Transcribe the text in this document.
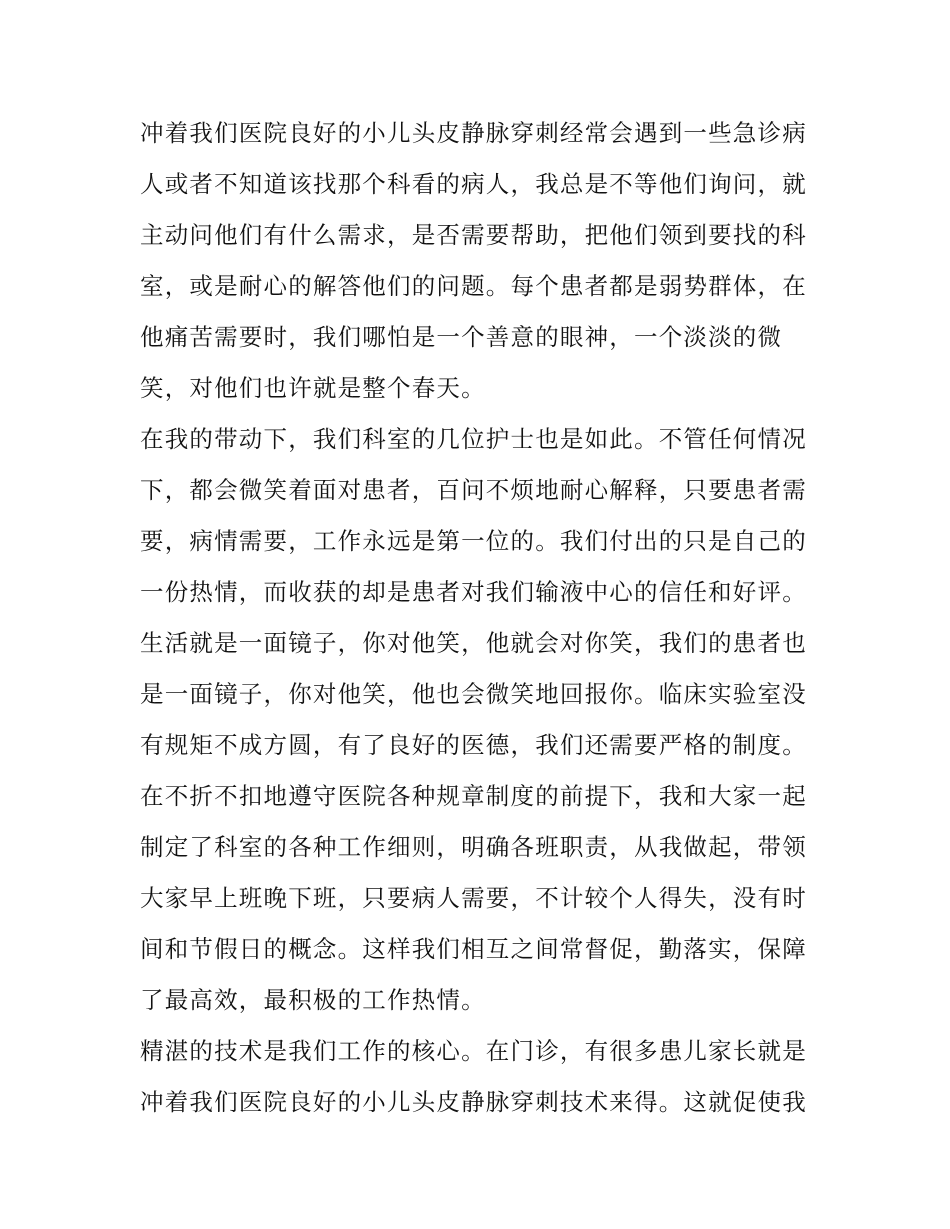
冲着我们医院良好的小儿头皮静脉穿刺经常会遇到一些急诊病
人或者不知道该找那个科看的病人，我总是不等他们询问，就
主动问他们有什么需求，是否需要帮助，把他们领到要找的科
室，或是耐心的解答他们的问题。每个患者都是弱势群体，在
他痛苦需要时，我们哪怕是一个善意的眼神，一个淡淡的微
笑，对他们也许就是整个春天。
在我的带动下，我们科室的几位护士也是如此。不管任何情况
下，都会微笑着面对患者，百问不烦地耐心解释，只要患者需
要，病情需要，工作永远是第一位的。我们付出的只是自己的
一份热情，而收获的却是患者对我们输液中心的信任和好评。
生活就是一面镜子，你对他笑，他就会对你笑，我们的患者也
是一面镜子，你对他笑，他也会微笑地回报你。临床实验室没
有规矩不成方圆，有了良好的医德，我们还需要严格的制度。
在不折不扣地遵守医院各种规章制度的前提下，我和大家一起
制定了科室的各种工作细则，明确各班职责，从我做起，带领
大家早上班晚下班，只要病人需要，不计较个人得失，没有时
间和节假日的概念。这样我们相互之间常督促，勤落实，保障
了最高效，最积极的工作热情。
精湛的技术是我们工作的核心。在门诊，有很多患儿家长就是
冲着我们医院良好的小儿头皮静脉穿刺技术来得。这就促使我
